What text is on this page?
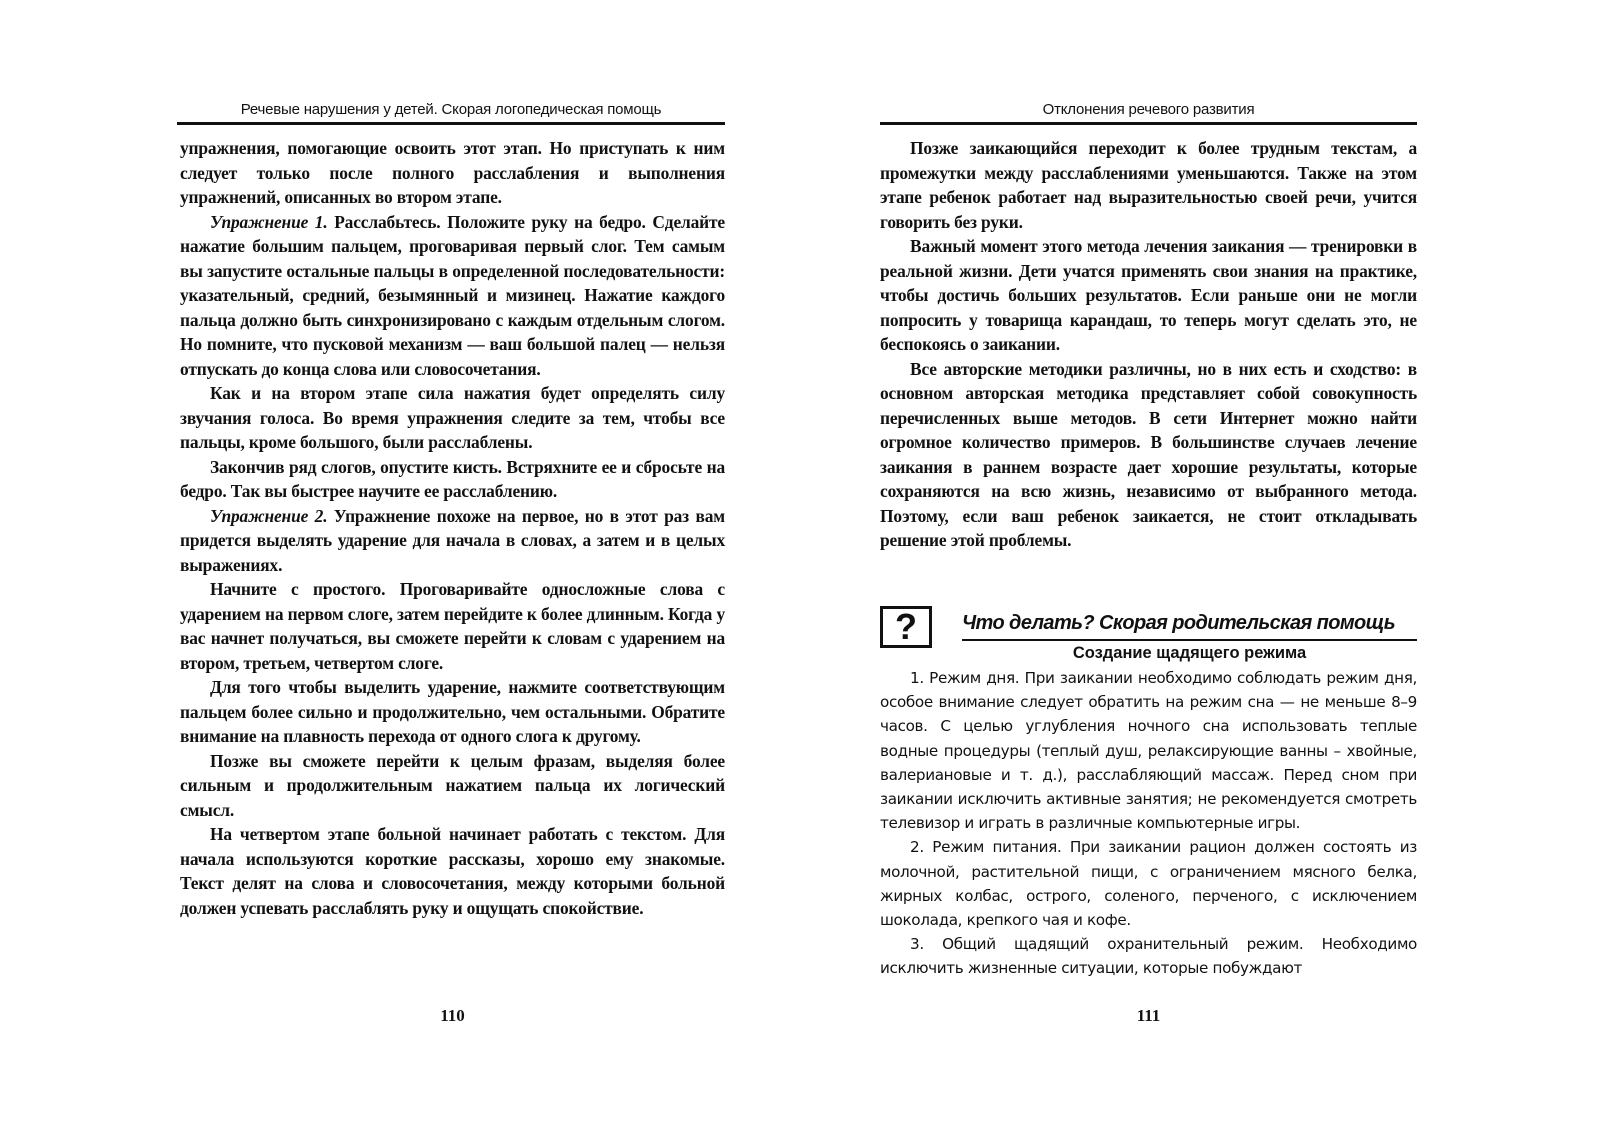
Речевые нарушения у детей. Скорая логопедическая помощь

упражнения, помогающие освоить этот этап. Но приступать к ним следует только после полного расслабления и выполнения упражнений, описанных во втором этапе.

Упражнение 1. Расслабьтесь. Положите руку на бедро. Сделайте нажатие большим пальцем, проговаривая первый слог. Тем самым вы запустите остальные пальцы в определенной последовательности: указательный, средний, безымянный и мизинец. Нажатие каждого пальца должно быть синхронизировано с каждым отдельным слогом. Но помните, что пусковой механизм — ваш большой палец — нельзя отпускать до конца слова или словосочетания.

Как и на втором этапе сила нажатия будет определять силу звучания голоса. Во время упражнения следите за тем, чтобы все пальцы, кроме большого, были расслаблены.

Закончив ряд слогов, опустите кисть. Встряхните ее и сбросьте на бедро. Так вы быстрее научите ее расслаблению.

Упражнение 2. Упражнение похоже на первое, но в этот раз вам придется выделять ударение для начала в словах, а затем и в целых выражениях.

Начните с простого. Проговаривайте односложные слова с ударением на первом слоге, затем перейдите к более длинным. Когда у вас начнет получаться, вы сможете перейти к словам с ударением на втором, третьем, четвертом слоге.

Для того чтобы выделить ударение, нажмите соответствующим пальцем более сильно и продолжительно, чем остальными. Обратите внимание на плавность перехода от одного слога к другому.

Позже вы сможете перейти к целым фразам, выделяя более сильным и продолжительным нажатием пальца их логический смысл.

На четвертом этапе больной начинает работать с текстом. Для начала используются короткие рассказы, хорошо ему знакомые. Текст делят на слова и словосочетания, между которыми больной должен успевать расслаблять руку и ощущать спокойствие.

110
Отклонения речевого развития

Позже заикающийся переходит к более трудным текстам, а промежутки между расслаблениями уменьшаются. Также на этом этапе ребенок работает над выразительностью своей речи, учится говорить без руки.

Важный момент этого метода лечения заикания — тренировки в реальной жизни. Дети учатся применять свои знания на практике, чтобы достичь больших результатов. Если раньше они не могли попросить у товарища карандаш, то теперь могут сделать это, не беспокоясь о заикании.

Все авторские методики различны, но в них есть и сходство: в основном авторская методика представляет собой совокупность перечисленных выше методов. В сети Интернет можно найти огромное количество примеров. В большинстве случаев лечение заикания в раннем возрасте дает хорошие результаты, которые сохраняются на всю жизнь, независимо от выбранного метода. Поэтому, если ваш ребенок заикается, не стоит откладывать решение этой проблемы.

?	Что делать? Скорая родительская помощь
Создание щадящего режима

1. Режим дня. При заикании необходимо соблюдать режим дня, особое внимание следует обратить на режим сна — не меньше 8–9 часов. С целью углубления ночного сна использовать теплые водные процедуры (теплый душ, релаксирующие ванны – хвойные, валериановые и т. д.), расслабляющий массаж. Перед сном при заикании исключить активные занятия; не рекомендуется смотреть телевизор и играть в различные компьютерные игры.

2. Режим питания. При заикании рацион должен состоять из молочной, растительной пищи, с ограничением мясного белка, жирных колбас, острого, соленого, перченого, с исключением шоколада, крепкого чая и кофе.

3. Общий щадящий охранительный режим. Необходимо исключить жизненные ситуации, которые побуждают

111
